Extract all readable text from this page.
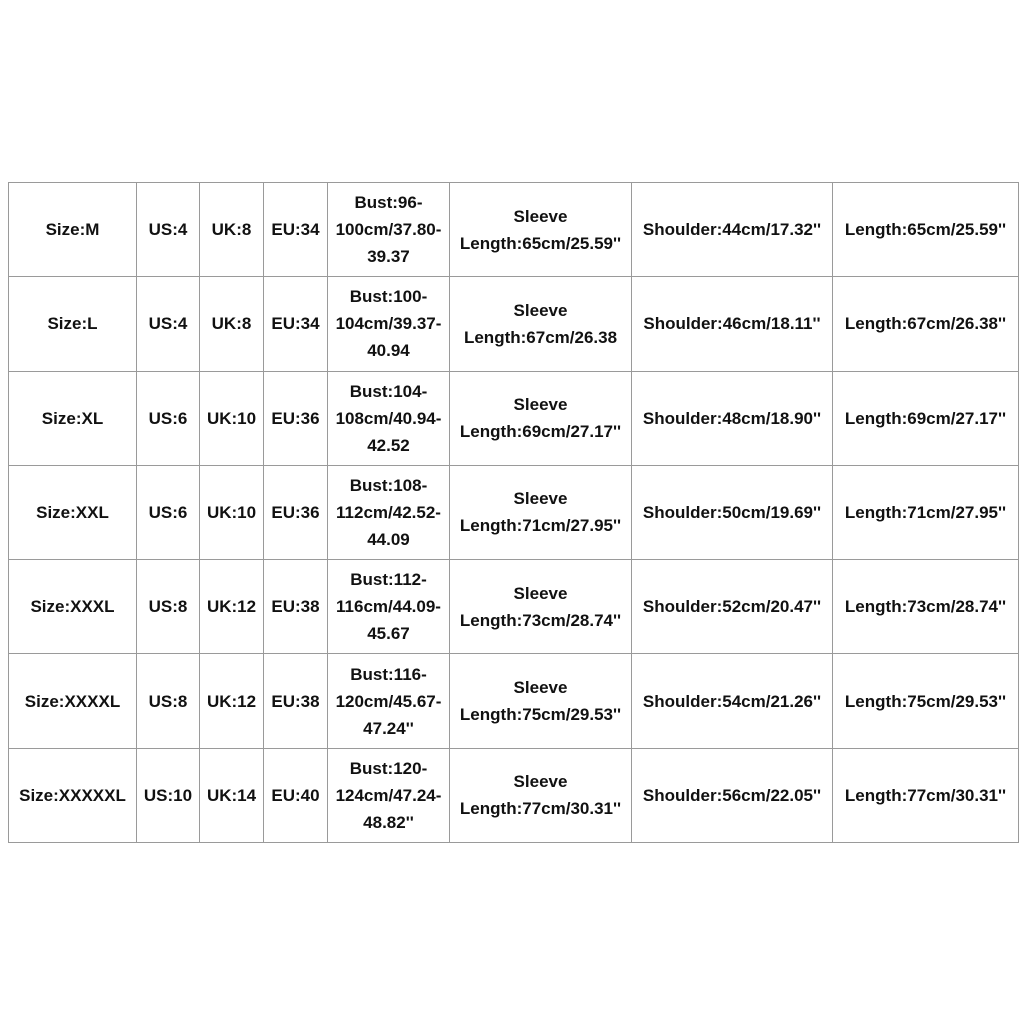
Size:M	US:4	UK:8	EU:34	Bust:96-
100cm/37.80-
39.37	Sleeve
Length:65cm/25.59''	Shoulder:44cm/17.32''	Length:65cm/25.59''
Size:L	US:4	UK:8	EU:34	Bust:100-
104cm/39.37-
40.94	Sleeve
Length:67cm/26.38	Shoulder:46cm/18.11''	Length:67cm/26.38''
Size:XL	US:6	UK:10	EU:36	Bust:104-
108cm/40.94-
42.52	Sleeve
Length:69cm/27.17''	Shoulder:48cm/18.90''	Length:69cm/27.17''
Size:XXL	US:6	UK:10	EU:36	Bust:108-
112cm/42.52-
44.09	Sleeve
Length:71cm/27.95''	Shoulder:50cm/19.69''	Length:71cm/27.95''
Size:XXXL	US:8	UK:12	EU:38	Bust:112-
116cm/44.09-
45.67	Sleeve
Length:73cm/28.74''	Shoulder:52cm/20.47''	Length:73cm/28.74''
Size:XXXXL	US:8	UK:12	EU:38	Bust:116-
120cm/45.67-
47.24''	Sleeve
Length:75cm/29.53''	Shoulder:54cm/21.26''	Length:75cm/29.53''
Size:XXXXXL	US:10	UK:14	EU:40	Bust:120-
124cm/47.24-
48.82''	Sleeve
Length:77cm/30.31''	Shoulder:56cm/22.05''	Length:77cm/30.31''
